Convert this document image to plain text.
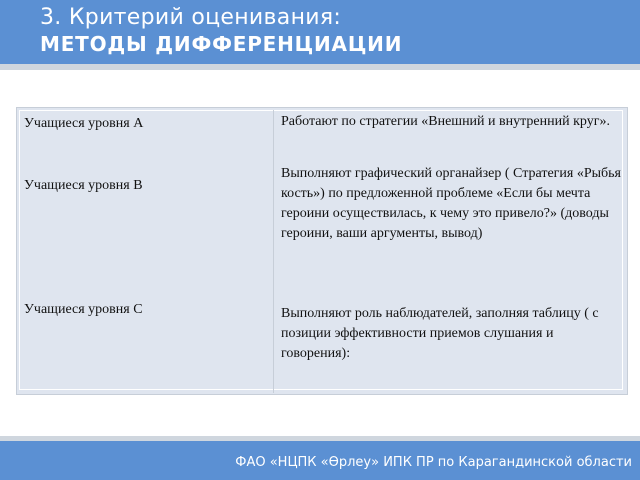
3. Критерий оценивания:
МЕТОДЫ ДИФФЕРЕНЦИАЦИИ
Учащиеся уровня А
Учащиеся уровня В
Учащиеся уровня С
Работают по стратегии «Внешний и внутренний круг».
Выполняют графический органайзер ( Стратегия «Рыбья кость») по предложенной проблеме «Если бы мечта героини осуществилась, к чему это привело?» (доводы героини, ваши аргументы, вывод)
Выполняют роль наблюдателей, заполняя таблицу ( с позиции эффективности приемов слушания и говорения):
ФАО «НЦПК «Өрлеу» ИПК ПР по Карагандинской области
